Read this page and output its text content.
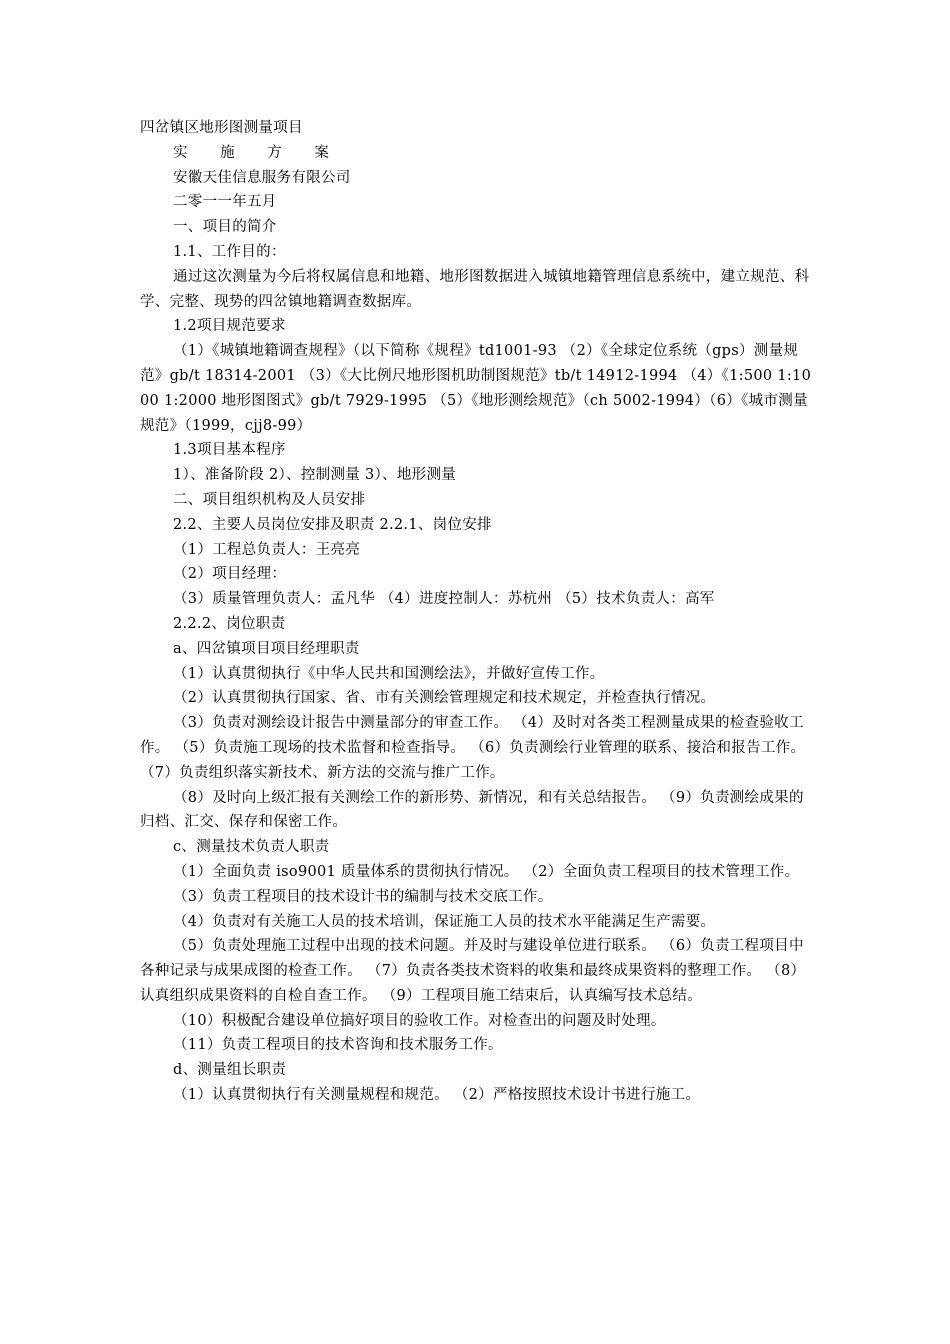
四岔镇区地形图测量项目

实 施 方 案

安徽天佳信息服务有限公司

二零一一年五月

一、项目的简介

1.1、工作目的：

通过这次测量为今后将权属信息和地籍、地形图数据进入城镇地籍管理信息系统中，建立规范、科学、完整、现势的四岔镇地籍调查数据库。

1.2项目规范要求

（1）《城镇地籍调查规程》（以下简称《规程》td1001-93 （2）《全球定位系统（gps）测量规范》gb/t 18314-2001 （3）《大比例尺地形图机助制图规范》tb/t 14912-1994 （4）《1:500 1:1000 1:2000 地形图图式》gb/t 7929-1995 （5）《地形测绘规范》（ch 5002-1994）（6）《城市测量规范》（1999，cjj8-99）

1.3项目基本程序

1）、准备阶段 2）、控制测量 3）、地形测量

二、项目组织机构及人员安排

2.2、主要人员岗位安排及职责 2.2.1、岗位安排

（1）工程总负责人：王亮亮

（2）项目经理：

（3）质量管理负责人：孟凡华 （4）进度控制人：苏杭州 （5）技术负责人：高军

2.2.2、岗位职责

a、四岔镇项目项目经理职责

（1）认真贯彻执行《中华人民共和国测绘法》，并做好宣传工作。

（2）认真贯彻执行国家、省、市有关测绘管理规定和技术规定，并检查执行情况。

（3）负责对测绘设计报告中测量部分的审查工作。 （4）及时对各类工程测量成果的检查验收工作。 （5）负责施工现场的技术监督和检查指导。 （6）负责测绘行业管理的联系、接洽和报告工作。 （7）负责组织落实新技术、新方法的交流与推广工作。

（8）及时向上级汇报有关测绘工作的新形势、新情况，和有关总结报告。 （9）负责测绘成果的归档、汇交、保存和保密工作。

c、测量技术负责人职责

（1）全面负责 iso9001 质量体系的贯彻执行情况。 （2）全面负责工程项目的技术管理工作。

（3）负责工程项目的技术设计书的编制与技术交底工作。

（4）负责对有关施工人员的技术培训，保证施工人员的技术水平能满足生产需要。

（5）负责处理施工过程中出现的技术问题。并及时与建设单位进行联系。 （6）负责工程项目中各种记录与成果成图的检查工作。 （7）负责各类技术资料的收集和最终成果资料的整理工作。 （8）认真组织成果资料的自检自查工作。 （9）工程项目施工结束后，认真编写技术总结。

（10）积极配合建设单位搞好项目的验收工作。对检查出的问题及时处理。

（11）负责工程项目的技术咨询和技术服务工作。

d、测量组长职责

（1）认真贯彻执行有关测量规程和规范。 （2）严格按照技术设计书进行施工。
